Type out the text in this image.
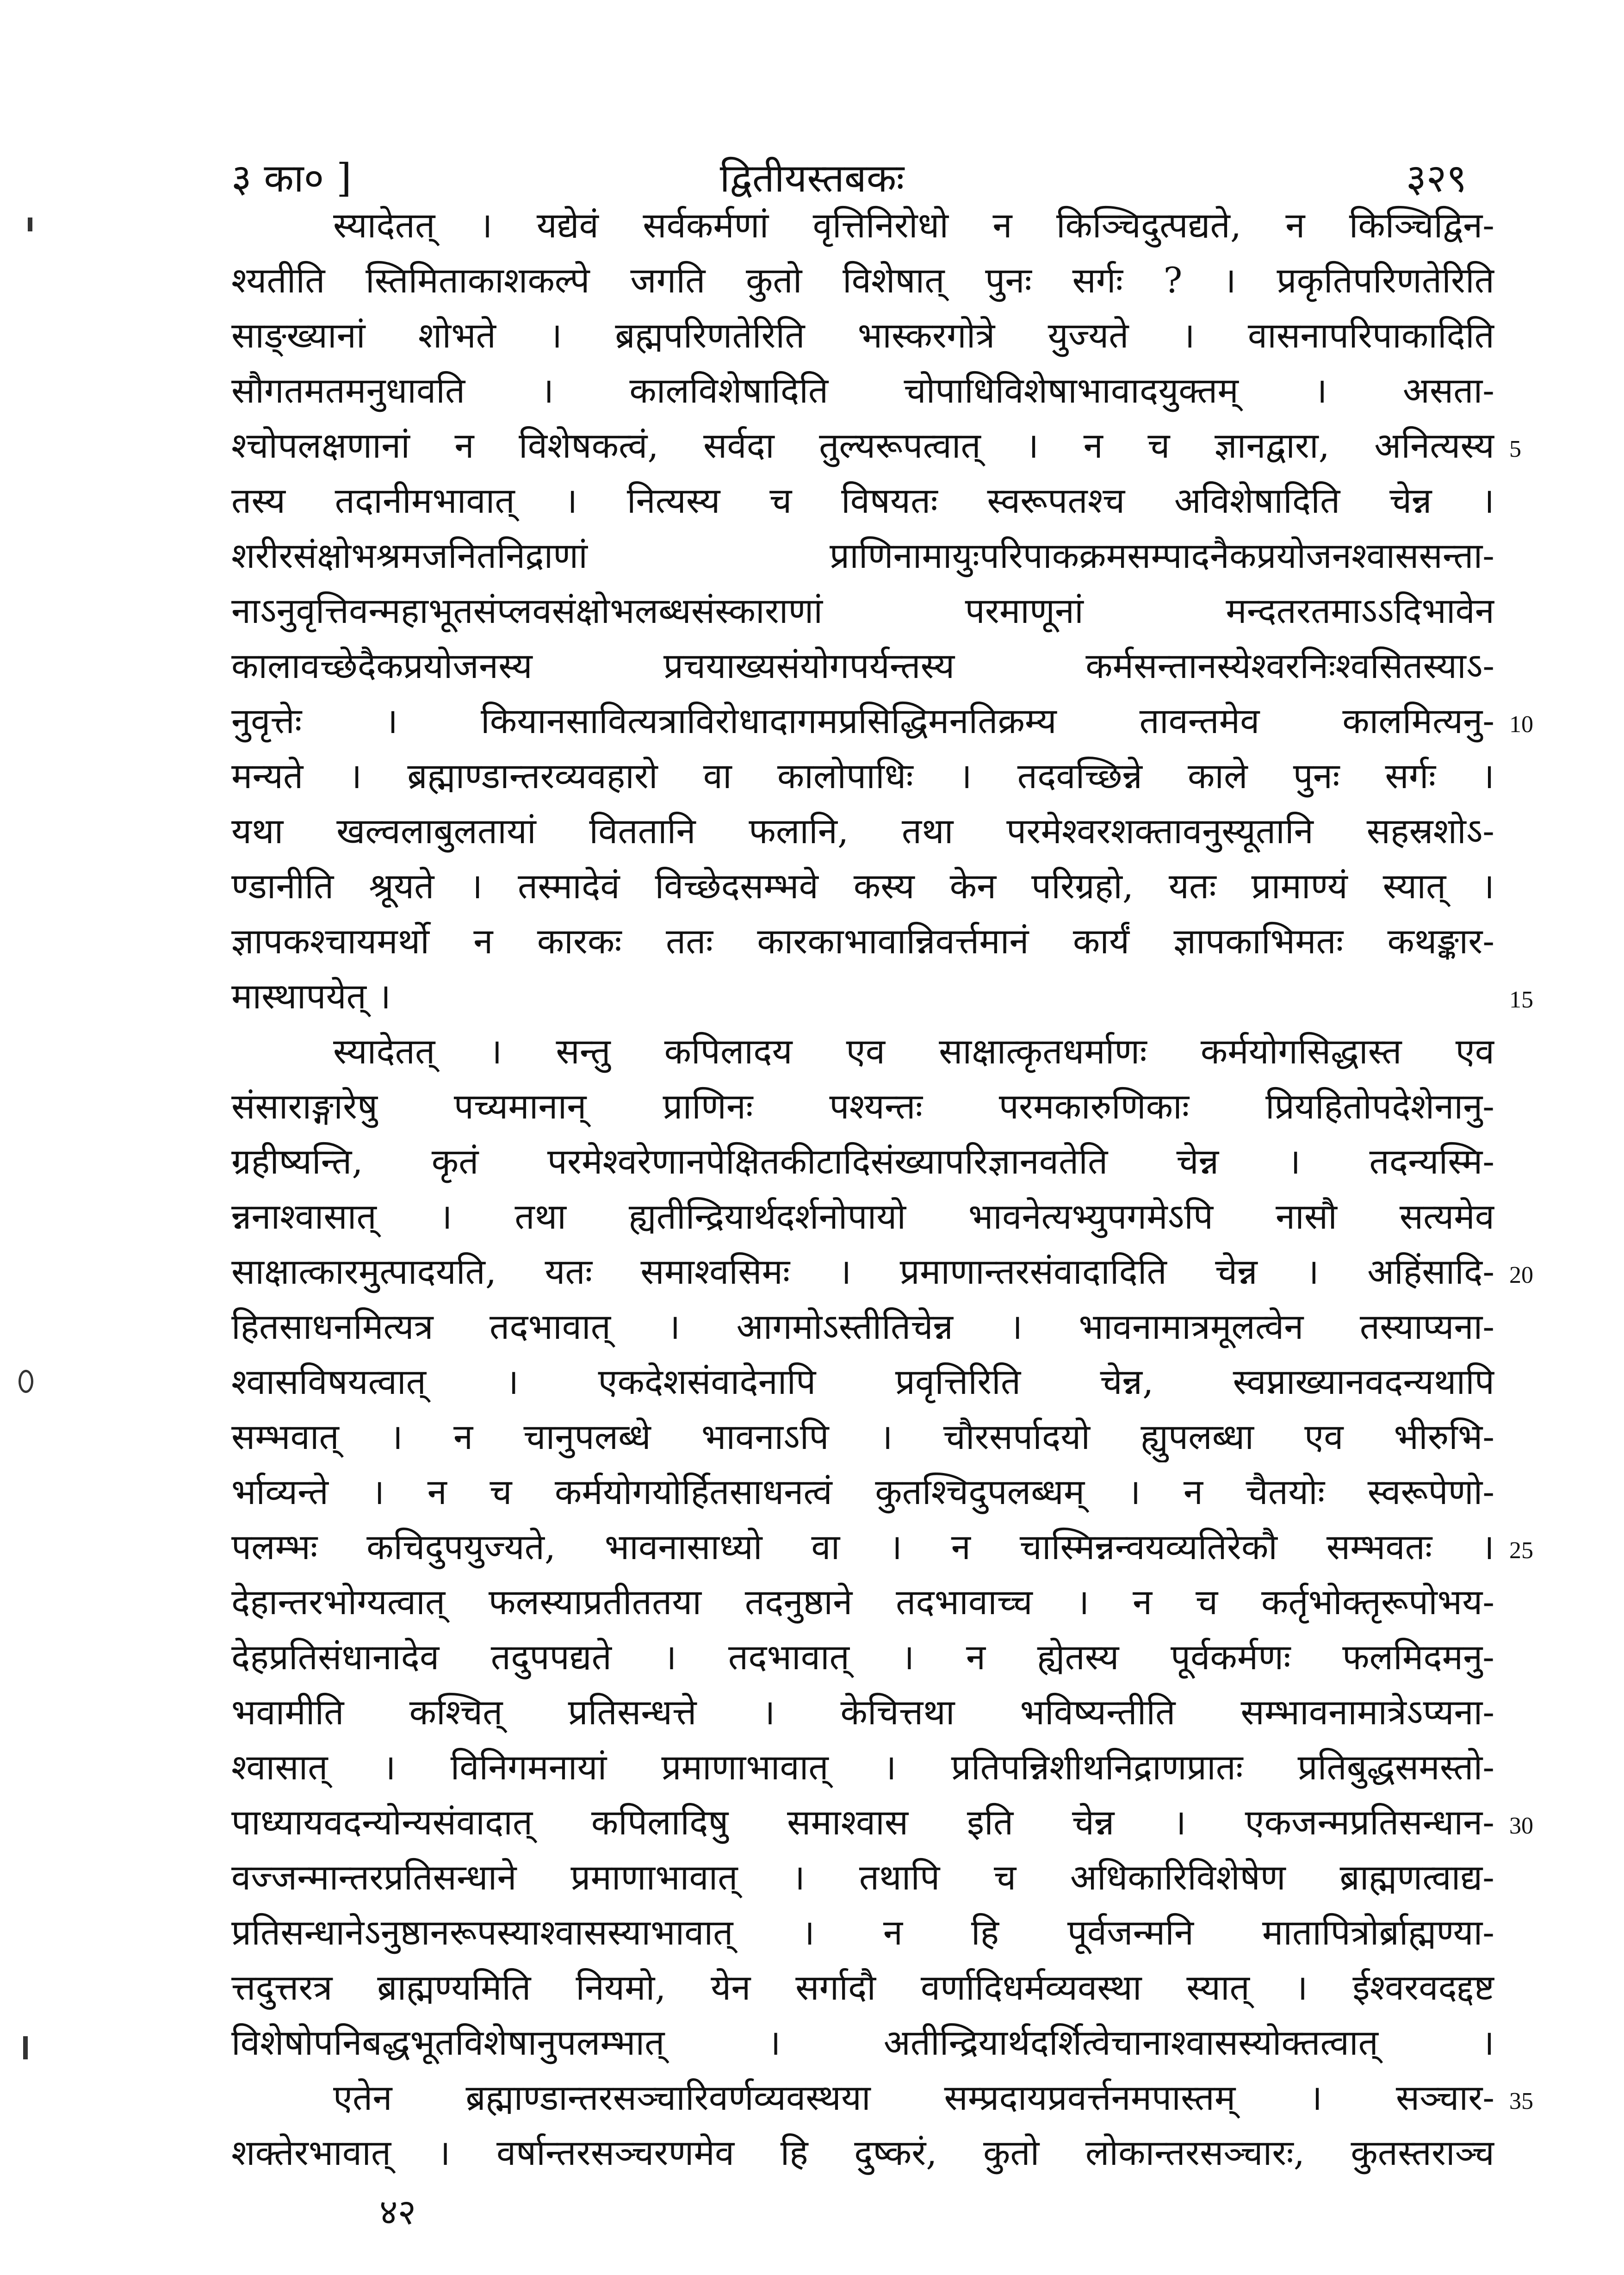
३ का० ]	द्वितीयस्तबकः	३२९
स्यादेतत् । यद्येवं सर्वकर्मणां वृत्तिनिरोधो न किञ्चिदुत्पद्यते, न किञ्चिद्विन-
श्यतीति स्तिमिताकाशकल्पे जगति कुतो विशेषात् पुनः सर्गः ? । प्रकृतिपरिणतेरिति
साङ्ख्यानां शोभते । ब्रह्मपरिणतेरिति भास्करगोत्रे युज्यते । वासनापरिपाकादिति
सौगतमतमनुधावति । कालविशेषादिति चोपाधिविशेषाभावादयुक्तम् । असता-
श्चोपलक्षणानां न विशेषकत्वं, सर्वदा तुल्यरूपत्वात् । न च ज्ञानद्वारा, अनित्यस्य 5
तस्य तदानीमभावात् । नित्यस्य च विषयतः स्वरूपतश्च अविशेषादिति चेन्न ।
शरीरसंक्षोभश्रमजनितनिद्राणां प्राणिनामायुःपरिपाकक्रमसम्पादनैकप्रयोजनश्वाससन्ता-
नाऽनुवृत्तिवन्महाभूतसंप्लवसंक्षोभलब्धसंस्काराणां परमाणूनां मन्दतरतमाऽऽदिभावेन
कालावच्छेदैकप्रयोजनस्य प्रचयाख्यसंयोगपर्यन्तस्य कर्मसन्तानस्येश्वरनिःश्वसितस्याऽ-
नुवृत्तेः । कियानसावित्यत्राविरोधादागमप्रसिद्धिमनतिक्रम्य तावन्तमेव कालमित्यनु- 10
मन्यते । ब्रह्माण्डान्तरव्यवहारो वा कालोपाधिः । तदवच्छिन्ने काले पुनः सर्गः ।
यथा खल्वलाबुलतायां विततानि फलानि, तथा परमेश्वरशक्तावनुस्यूतानि सहस्रशोऽ-
ण्डानीति श्रूयते । तस्मादेवं विच्छेदसम्भवे कस्य केन परिग्रहो, यतः प्रामाण्यं स्यात् ।
ज्ञापकश्चायमर्थो न कारकः ततः कारकाभावान्निवर्त्तमानं कार्यं ज्ञापकाभिमतः कथङ्कार-
मास्थापयेत् ।	15
स्यादेतत् । सन्तु कपिलादय एव साक्षात्कृतधर्माणः कर्मयोगसिद्धास्त एव
संसाराङ्गारेषु पच्यमानान् प्राणिनः पश्यन्तः परमकारुणिकाः प्रियहितोपदेशेनानु-
ग्रहीष्यन्ति, कृतं परमेश्वरेणानपेक्षितकीटादिसंख्यापरिज्ञानवतेति चेन्न । तदन्यस्मि-
न्ननाश्वासात् । तथा ह्यतीन्द्रियार्थदर्शनोपायो भावनेत्यभ्युपगमेऽपि नासौ सत्यमेव
साक्षात्कारमुत्पादयति, यतः समाश्वसिमः । प्रमाणान्तरसंवादादिति चेन्न । अहिंसादि- 20
हितसाधनमित्यत्र तदभावात् । आगमोऽस्तीतिचेन्न । भावनामात्रमूलत्वेन तस्याप्यना-
श्वासविषयत्वात् । एकदेशसंवादेनापि प्रवृत्तिरिति चेन्न, स्वप्नाख्यानवदन्यथापि
सम्भवात् । न चानुपलब्धे भावनाऽपि । चौरसर्पादयो ह्युपलब्धा एव भीरुभि-
र्भाव्यन्ते । न च कर्मयोगयोर्हितसाधनत्वं कुतश्चिदुपलब्धम् । न चैतयोः स्वरूपेणो-
पलम्भः कचिदुपयुज्यते, भावनासाध्यो वा । न चास्मिन्नन्वयव्यतिरेकौ सम्भवतः । 25
देहान्तरभोग्यत्वात् फलस्याप्रतीततया तदनुष्ठाने तदभावाच्च । न च कर्तृभोक्तृरूपोभय-
देहप्रतिसंधानादेव तदुपपद्यते । तदभावात् । न ह्येतस्य पूर्वकर्मणः फलमिदमनु-
भवामीति कश्चित् प्रतिसन्धत्ते । केचित्तथा भविष्यन्तीति सम्भावनामात्रेऽप्यना-
श्वासात् । विनिगमनायां प्रमाणाभावात् । प्रतिपन्निशीथनिद्राणप्रातः प्रतिबुद्धसमस्तो-
पाध्यायवदन्योन्यसंवादात् कपिलादिषु समाश्वास इति चेन्न । एकजन्मप्रतिसन्धान- 30
वज्जन्मान्तरप्रतिसन्धाने प्रमाणाभावात् । तथापि च अधिकारिविशेषेण ब्राह्मणत्वाद्य-
प्रतिसन्धानेऽनुष्ठानरूपस्याश्वासस्याभावात् । न हि पूर्वजन्मनि मातापित्रोर्ब्राह्मण्या-
त्तदुत्तरत्र ब्राह्मण्यमिति नियमो, येन सर्गादौ वर्णादिधर्मव्यवस्था स्यात् । ईश्वरवदद्दष्ट
विशेषोपनिबद्धभूतविशेषानुपलम्भात् । अतीन्द्रियार्थदर्शित्वेचानाश्वासस्योक्तत्वात् ।
एतेन ब्रह्माण्डान्तरसञ्चारिवर्णव्यवस्थया सम्प्रदायप्रवर्त्तनमपास्तम् । सञ्चार- 35
शक्तेरभावात् । वर्षान्तरसञ्चरणमेव हि दुष्करं, कुतो लोकान्तरसञ्चारः, कुतस्तराञ्च
४२
